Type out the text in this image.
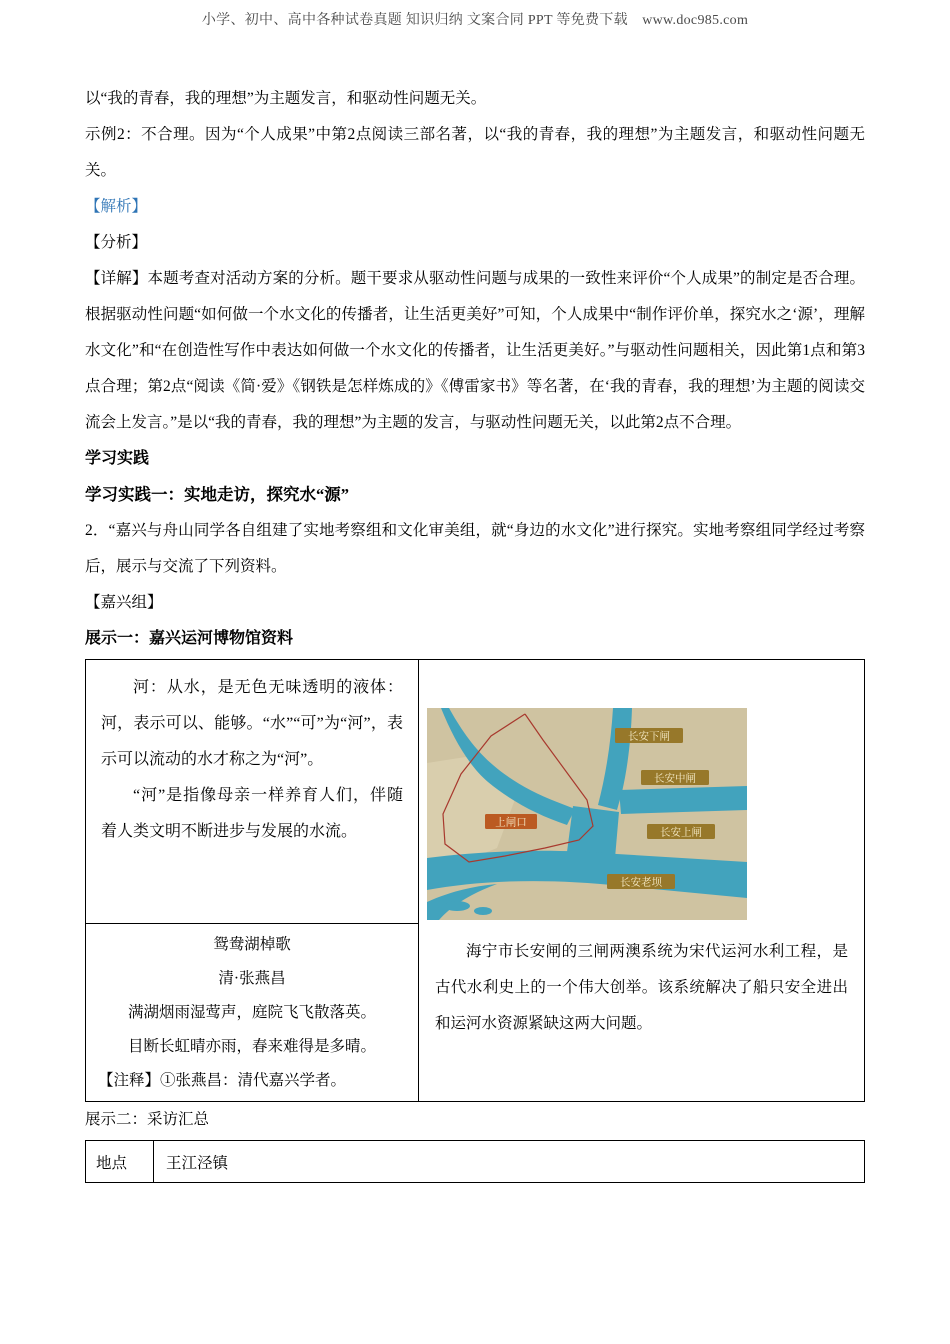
小学、初中、高中各种试卷真题 知识归纳 文案合同 PPT 等免费下载　www.doc985.com

以“我的青春，我的理想”为主题发言，和驱动性问题无关。

示例2：不合理。因为“个人成果”中第2点阅读三部名著，以“我的青春，我的理想”为主题发言，和驱动性问题无关。

【解析】

【分析】

【详解】本题考查对活动方案的分析。题干要求从驱动性问题与成果的一致性来评价“个人成果”的制定是否合理。根据驱动性问题“如何做一个水文化的传播者，让生活更美好”可知，个人成果中“制作评价单，探究水之‘源’，理解水文化”和“在创造性写作中表达如何做一个水文化的传播者，让生活更美好。”与驱动性问题相关，因此第1点和第3点合理；第2点“阅读《简·爱》《钢铁是怎样炼成的》《傅雷家书》等名著，在‘我的青春，我的理想’为主题的阅读交流会上发言。”是以“我的青春，我的理想”为主题的发言，与驱动性问题无关，以此第2点不合理。

学习实践

学习实践一：实地走访，探究水“源”

2．“嘉兴与舟山同学各自组建了实地考察组和文化审美组，就“身边的水文化”进行探究。实地考察组同学经过考察后，展示与交流了下列资料。

【嘉兴组】

展示一：嘉兴运河博物馆资料

河：从水，是无色无味透明的液体：河，表示可以、能够。“水”“可”为“河”，表示可以流动的水才称之为“河”。

“河”是指像母亲一样养育人们，伴随着人类文明不断进步与发展的水流。

长安下闸
长安中闸
上闸口
长安上闸
长安老坝

海宁市长安闸的三闸两澳系统为宋代运河水利工程，是古代水利史上的一个伟大创举。该系统解决了船只安全进出和运河水资源紧缺这两大问题。

鸳鸯湖棹歌

清·张燕昌

满湖烟雨湿莺声，庭院飞飞散落英。

目断长虹晴亦雨，春来难得是多晴。

【注释】①张燕昌：清代嘉兴学者。

展示二：采访汇总

地点	王江泾镇
